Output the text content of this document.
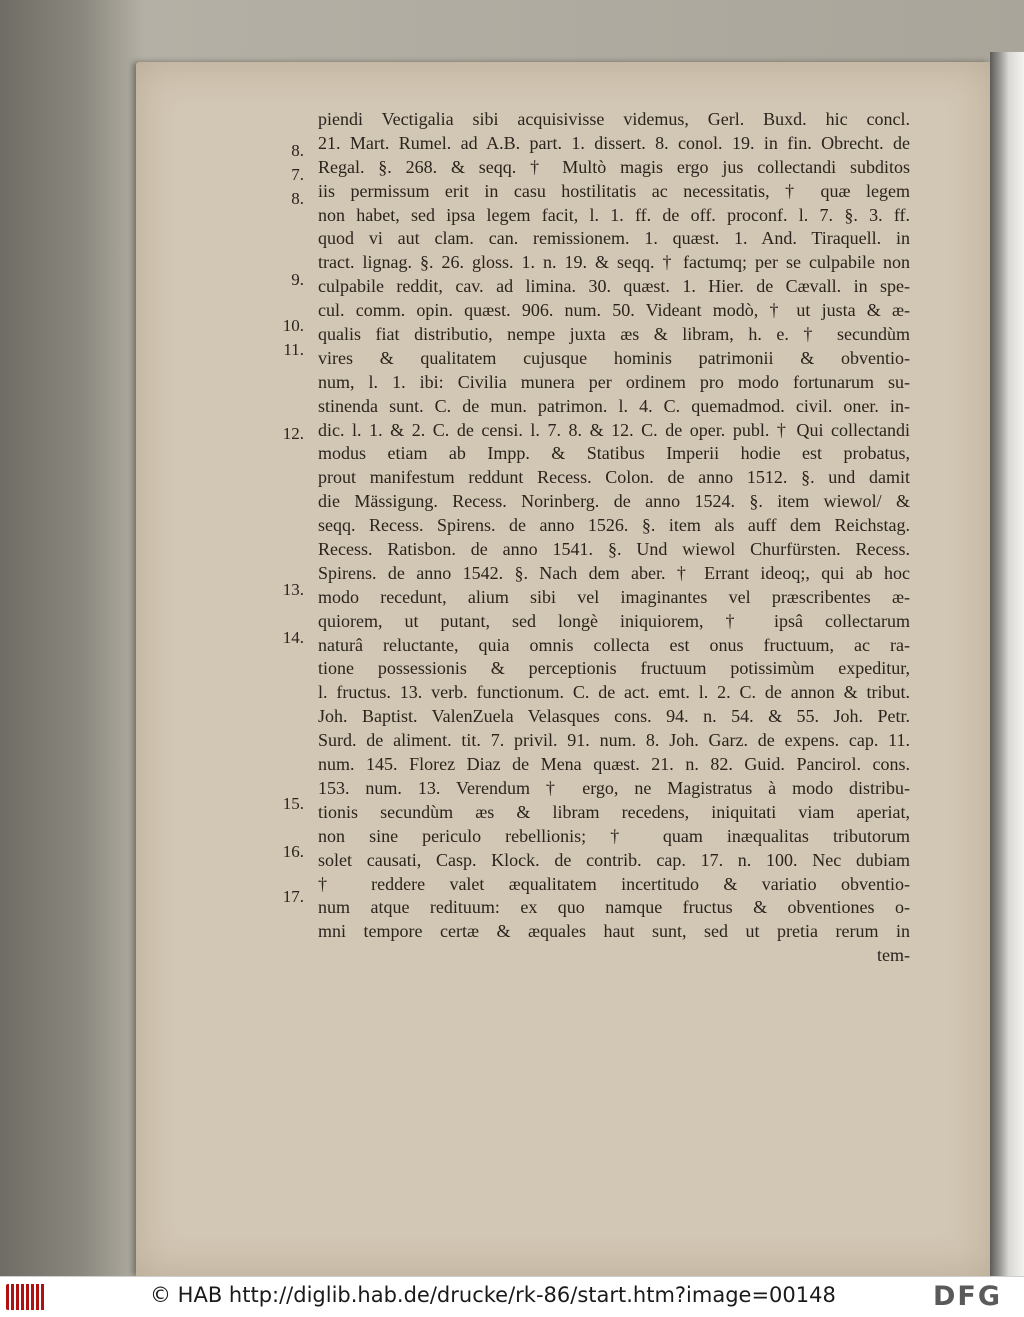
piendi Vectigalia sibi acquisivisse videmus, Gerl. Buxd. hic concl.
21. Mart. Rumel. ad A.B. part. 1. dissert. 8. conol. 19. in fin. Obrecht. de
Regal. §. 268. & seqq. † Multò magis ergo jus collectandi subditos
iis permissum erit in casu hostilitatis ac necessitatis, † quæ legem
non habet, sed ipsa legem facit, l. 1. ff. de off. proconf. l. 7. §. 3. ff.
quod vi aut clam. can. remissionem. 1. quæst. 1. And. Tiraquell. in
tract. lignag. §. 26. gloss. 1. n. 19. & seqq. † factumq; per se culpabile non
culpabile reddit, cav. ad limina. 30. quæst. 1. Hier. de Cævall. in spe-
cul. comm. opin. quæst. 906. num. 50. Videant modò, † ut justa & æ-
qualis fiat distributio, nempe juxta æs & libram, h. e. † secundùm
vires & qualitatem cujusque hominis patrimonii & obventio-
num, l. 1. ibi: Civilia munera per ordinem pro modo fortunarum su-
stinenda sunt. C. de mun. patrimon. l. 4. C. quemadmod. civil. oner. in-
dic. l. 1. & 2. C. de censi. l. 7. 8. & 12. C. de oper. publ. † Qui collectandi
modus etiam ab Impp. & Statibus Imperii hodie est probatus,
prout manifestum reddunt Recess. Colon. de anno 1512. §. und damit
die Mässigung. Recess. Norinberg. de anno 1524. §. item wiewol/ &
seqq. Recess. Spirens. de anno 1526. §. item als auff dem Reichstag.
Recess. Ratisbon. de anno 1541. §. Und wiewol Churfürsten. Recess.
Spirens. de anno 1542. §. Nach dem aber. † Errant ideoq;, qui ab hoc
modo recedunt, alium sibi vel imaginantes vel præscribentes æ-
quiorem, ut putant, sed longè iniquiorem, † ipsâ collectarum
naturâ reluctante, quia omnis collecta est onus fructuum, ac ra-
tione possessionis & perceptionis fructuum potissimùm expeditur,
l. fructus. 13. verb. functionum. C. de act. emt. l. 2. C. de annon & tribut.
Joh. Baptist. ValenZuela Velasques cons. 94. n. 54. & 55. Joh. Petr.
Surd. de aliment. tit. 7. privil. 91. num. 8. Joh. Garz. de expens. cap. 11.
num. 145. Florez Diaz de Mena quæst. 21. n. 82. Guid. Pancirol. cons.
153. num. 13. Verendum † ergo, ne Magistratus à modo distribu-
tionis secundùm æs & libram recedens, iniquitati viam aperiat,
non sine periculo rebellionis; † quam inæqualitas tributorum
solet causati, Casp. Klock. de contrib. cap. 17. n. 100. Nec dubiam
† reddere valet æqualitatem incertitudo & variatio obventio-
num atque redituum: ex quo namque fructus & obventiones o-
mni tempore certæ & æquales haut sunt, sed ut pretia rerum in
tem-
8.
7.
8.
9.
10.
11.
12.
13.
14.
15.
16.
17.
© HAB http://diglib.hab.de/drucke/rk-86/start.htm?image=00148	DFG
